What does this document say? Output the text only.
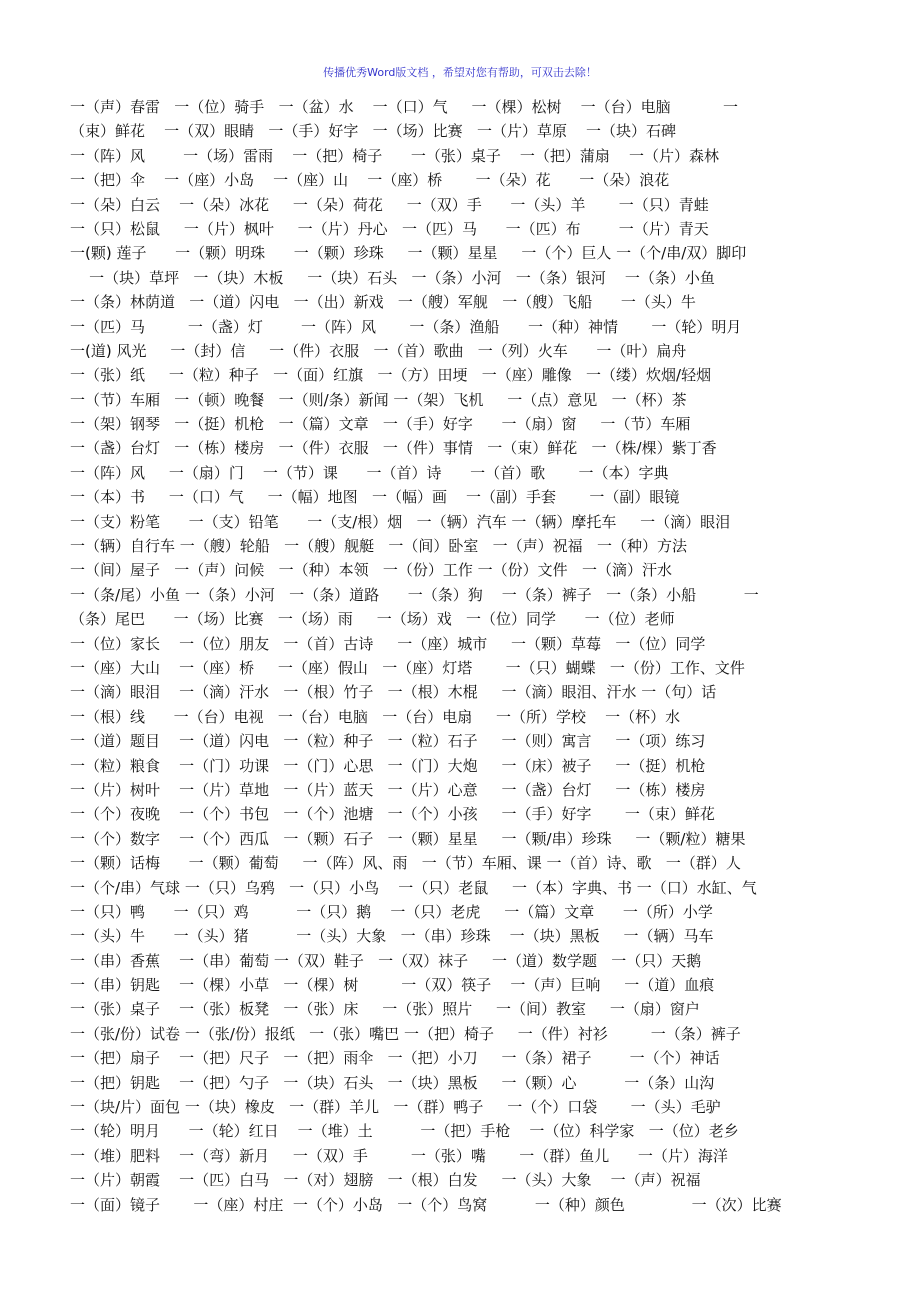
传播优秀Word版文档 ，希望对您有帮助，可双击去除！
一（声）春雷   一（位）骑手   一（盆）水    一（口）气     一（棵）松树    一（台）电脑           一
（束）鲜花    一（双）眼睛   一（手）好字   一（场）比赛   一（片）草原    一（块）石碑
一（阵）风        一（场）雷雨    一（把）椅子      一（张）桌子    一（把）蒲扇    一（片）森林
一（把）伞    一（座）小岛    一（座）山    一（座）桥       一（朵）花      一（朵）浪花
一（朵）白云    一（朵）冰花     一（朵）荷花     一（双）手      一（头）羊       一（只）青蛙
一（只）松鼠     一（片）枫叶     一（片）丹心   一（匹）马      一（匹）布        一（片）青天
一(颗) 莲子      一（颗）明珠      一（颗）珍珠     一（颗）星星     一（个）巨人 一（个/串/双）脚印
一（块）草坪   一（块）木板     一（块）石头   一（条）小河   一（条）银河    一（条）小鱼
一（条）林荫道   一（道）闪电   一（出）新戏   一（艘）军舰   一（艘）飞船      一（头）牛
一（匹）马         一（盏）灯        一（阵）风       一（条）渔船      一（种）神情       一（轮）明月
一(道) 风光     一（封）信     一（件）衣服   一（首）歌曲   一（列）火车      一（叶）扁舟
一（张）纸     一（粒）种子   一（面）红旗   一（方）田埂   一（座）雕像   一（缕）炊烟/轻烟
一（节）车厢   一（顿）晚餐   一（则/条）新闻 一（架）飞机     一（点）意见   一（杯）茶
一（架）钢琴   一（挺）机枪   一（篇）文章   一（手）好字      一（扇）窗     一（节）车厢
一（盏）台灯   一（栋）楼房   一（件）衣服   一（件）事情   一（束）鲜花   一（株/棵）紫丁香
一（阵）风     一（扇）门    一（节）课      一（首）诗      一（首）歌       一（本）字典
一（本）书     一（口）气     一（幅）地图   一（幅）画    一（副）手套       一（副）眼镜
一（支）粉笔      一（支）铅笔      一（支/根）烟   一（辆）汽车 一（辆）摩托车     一（滴）眼泪
一（辆）自行车 一（艘）轮船   一（艘）舰艇   一（间）卧室   一（声）祝福   一（种）方法
一（间）屋子   一（声）问候   一（种）本领   一（份）工作 一（份）文件   一（滴）汗水
一（条/尾）小鱼 一（条）小河   一（条）道路      一（条）狗    一（条）裤子   一（条）小船          一
（条）尾巴      一（场）比赛   一（场）雨     一（场）戏   一（位）同学      一（位）老师
一（位）家长    一（位）朋友   一（首）古诗     一（座）城市     一（颗）草莓   一（位）同学
一（座）大山    一（座）桥     一（座）假山   一（座）灯塔       一（只）蝴蝶   一（份）工作、文件
一（滴）眼泪    一（滴）汗水   一（根）竹子   一（根）木棍     一（滴）眼泪、汗水 一（句）话
一（根）线      一（台）电视   一（台）电脑   一（台）电扇     一（所）学校    一（杯）水
一（道）题目    一（道）闪电   一（粒）种子   一（粒）石子     一（则）寓言     一（项）练习
一（粒）粮食    一（门）功课   一（门）心思   一（门）大炮     一（床）被子     一（挺）机枪
一（片）树叶    一（片）草地   一（片）蓝天   一（片）心意     一（盏）台灯     一（栋）楼房
一（个）夜晚    一（个）书包   一（个）池塘   一（个）小孩     一（手）好字       一（束）鲜花
一（个）数字    一（个）西瓜   一（颗）石子   一（颗）星星     一（颗/串）珍珠     一（颗/粒）糖果
一（颗）话梅      一（颗）葡萄     一（阵）风、雨   一（节）车厢、课 一（首）诗、歌   一（群）人
一（个/串）气球 一（只）乌鸦   一（只）小鸟    一（只）老鼠     一（本）字典、书 一（口）水缸、气
一（只）鸭      一（只）鸡          一（只）鹅    一（只）老虎     一（篇）文章      一（所）小学
一（头）牛      一（头）猪          一（头）大象   一（串）珍珠    一（块）黑板     一（辆）马车
一（串）香蕉    一（串）葡萄 一（双）鞋子   一（双）袜子     一（道）数学题   一（只）天鹅
一（串）钥匙    一（棵）小草   一（棵）树         一（双）筷子    一（声）巨响     一（道）血痕
一（张）桌子    一（张）板凳   一（张）床     一（张）照片     一（间）教室     一（扇）窗户
一（张/份）试卷 一（张/份）报纸   一（张）嘴巴 一（把）椅子     一（件）衬衫         一（条）裤子
一（把）扇子    一（把）尺子   一（把）雨伞   一（把）小刀     一（条）裙子        一（个）神话
一（把）钥匙    一（把）勺子   一（块）石头   一（块）黑板     一（颗）心          一（条）山沟
一（块/片）面包 一（块）橡皮   一（群）羊儿   一（群）鸭子     一（个）口袋       一（头）毛驴
一（轮）明月      一（轮）红日    一（堆）土          一（把）手枪    一（位）科学家   一（位）老乡
一（堆）肥料    一（弯）新月     一（双）手         一（张）嘴       一（群）鱼儿      一（片）海洋
一（片）朝霞    一（匹）白马   一（对）翅膀   一（根）白发     一（头）大象    一（声）祝福
一（面）镜子       一（座）村庄  一（个）小岛   一（个）鸟窝          一（种）颜色              一（次）比赛
